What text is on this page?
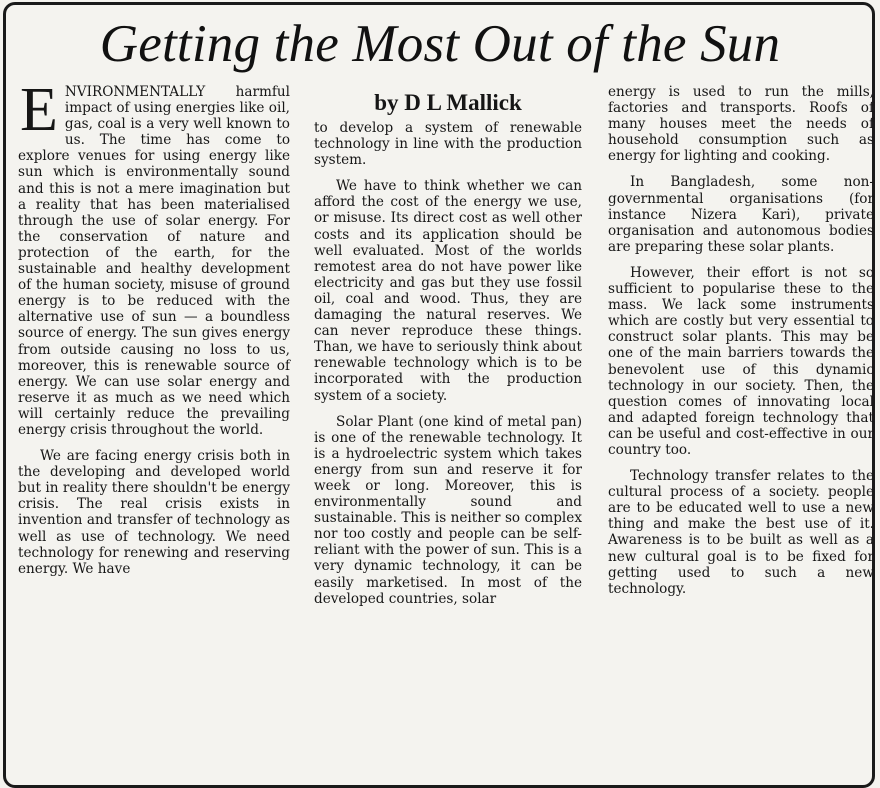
Getting the Most Out of the Sun
by D L Mallick

ENVIRONMENTALLY harmful impact of using energies like oil, gas, coal is a very well known to us. The time has come to explore venues for using energy like sun which is environmentally sound and this is not a mere imagination but a reality that has been materialised through the use of solar energy. For the conservation of nature and protection of the earth, for the sustainable and healthy development of the human society, misuse of ground energy is to be reduced with the alternative use of sun — a boundless source of energy. The sun gives energy from outside causing no loss to us, moreover, this is renewable source of energy. We can use solar energy and reserve it as much as we need which will certainly reduce the prevailing energy crisis throughout the world.

We are facing energy crisis both in the developing and developed world but in reality there shouldn't be energy crisis. The real crisis exists in invention and transfer of technology as well as use of technology. We need technology for renewing and reserving energy. We have

to develop a system of renewable technology in line with the production system.

We have to think whether we can afford the cost of the energy we use, or misuse. Its direct cost as well other costs and its application should be well evaluated. Most of the worlds remotest area do not have power like electricity and gas but they use fossil oil, coal and wood. Thus, they are damaging the natural reserves. We can never reproduce these things. Than, we have to seriously think about renewable technology which is to be incorporated with the production system of a society.

Solar Plant (one kind of metal pan) is one of the renewable technology. It is a hydroelectric system which takes energy from sun and reserve it for week or long. Moreover, this is environmentally sound and sustainable. This is neither so complex nor too costly and people can be self-reliant with the power of sun. This is a very dynamic technology, it can be easily marketised. In most of the developed countries, solar

energy is used to run the mills, factories and transports. Roofs of many houses meet the needs of household consumption such as energy for lighting and cooking.

In Bangladesh, some non-governmental organisations (for instance Nizera Kari), private organisation and autonomous bodies are preparing these solar plants.

However, their effort is not so sufficient to popularise these to the mass. We lack some instruments which are costly but very essential to construct solar plants. This may be one of the main barriers towards the benevolent use of this dynamic technology in our society. Then, the question comes of innovating local and adapted foreign technology that can be useful and cost-effective in our country too.

Technology transfer relates to the cultural process of a society. people are to be educated well to use a new thing and make the best use of it. Awareness is to be built as well as a new cultural goal is to be fixed for getting used to such a new technology.
